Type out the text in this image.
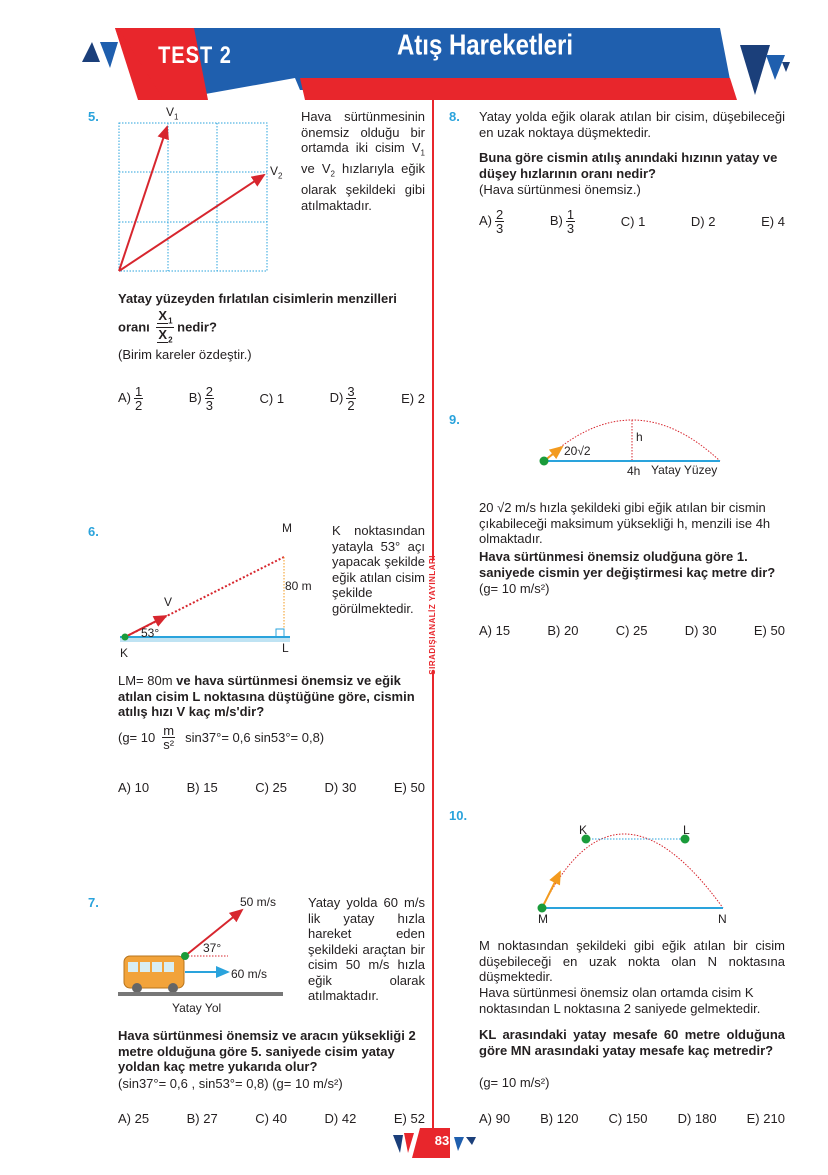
TEST 2	Atış Hareketleri
SIRADIŞIANALİZ YAYINLARI
5.	$V_1$
$V_2$
Hava sürtünmesinin önemsiz olduğu bir ortamda iki cisim $V_1$ ve $V_2$ hızlarıyla eğik olarak şekildeki gibi atılmaktadır.
Yatay yüzeyden fırlatılan cisimlerin menzilleri
oranı $\frac{X_1}{X_2}$ nedir?
(Birim kareler özdeştir.)
$A) \frac{1}{2}$	$B) \frac{2}{3}$	C) 1	$D) \frac{3}{2}$	E) 2
6.	M
80 m
V
53°
K	L
K noktasından yatayla 53° açı yapacak şekilde eğik atılan cisim şekilde görülmektedir.
LM= 80m ve hava sürtünmesi önemsiz ve eğik atılan cisim L noktasına düştüğüne göre, cismin atılış hızı V kaç m/s'dir?
($g= 10 \frac{m}{\text{s²}} \sin 37^\circ= 0,6$ sin53°= 0,8)
A) 10	B) 15	C) 25	D) 30	E) 50
7.	50 m/s
37°
60 m/s
Yatay Yol
Yatay yolda 60 m/s lik yatay hızla hareket eden şekildeki araçtan bir cisim 50 m/s hızla eğik olarak atılmaktadır.
Hava sürtünmesi önemsiz ve aracın yüksekliği 2 metre olduğuna göre 5. saniyede cisim yatay yoldan kaç metre yukarıda olur?
(sin37°= 0,6 , sin53°= 0,8) (g= 10 m/s²)
A) 25	B) 27	C) 40	D) 42	E) 52
8. Yatay yolda eğik olarak atılan bir cisim, düşebileceği en uzak noktaya düşmektedir.
Buna göre cismin atılış anındaki hızının yatay ve düşey hızlarının oranı nedir?
(Hava sürtünmesi önemsiz.)
$A) \frac{2}{3}$	$B) \frac{1}{3}$	C) 1	D) 2	E) 4
9.
20√2
h
4h Yatay Yüzey
20 √2 m/s hızla şekildeki gibi eğik atılan bir cismin çıkabileceği maksimum yüksekliği h, menzili ise 4h olmaktadır.
Hava sürtünmesi önemsiz oludğuna göre 1. saniyede cismin yer değiştirmesi kaç metre dir?
(g= 10 m/s²)
A) 15	B) 20	C) 25	D) 30	E) 50
10.
K	L
M	N
M noktasından şekildeki gibi eğik atılan bir cisim düşebileceği en uzak nokta olan N noktasına düşmektedir.
Hava sürtünmesi önemsiz olan ortamda cisim K noktasından L noktasına 2 saniyede gelmektedir.
KL arasındaki yatay mesafe 60 metre olduğuna göre MN arasındaki yatay mesafe kaç metredir?
(g= 10 m/s²)
A) 90 B) 120 C) 150 D) 180 E) 210
83
